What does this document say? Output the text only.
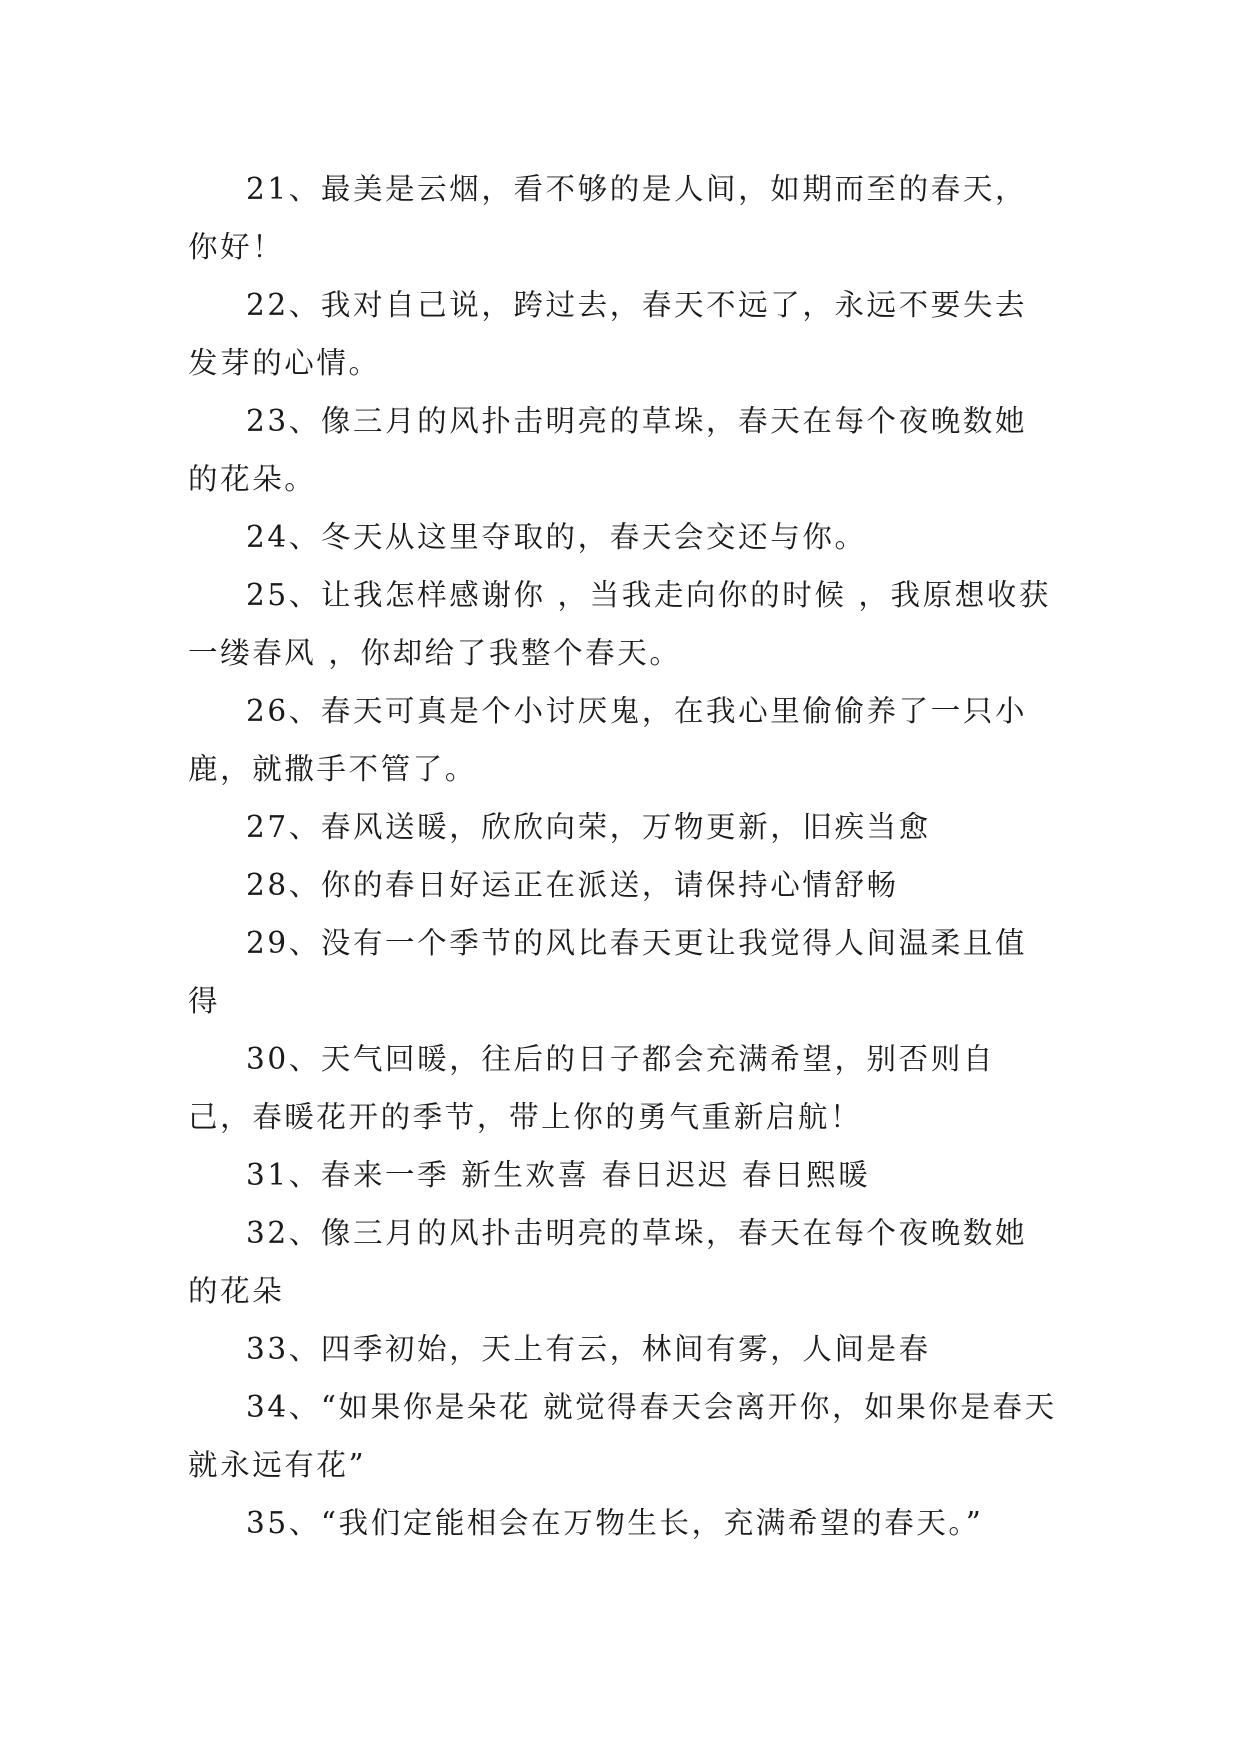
21、最美是云烟，看不够的是人间，如期而至的春天，你好！

22、我对自己说，跨过去，春天不远了，永远不要失去发芽的心情。

23、像三月的风扑击明亮的草垛，春天在每个夜晚数她的花朵。

24、冬天从这里夺取的，春天会交还与你。

25、让我怎样感谢你 ，当我走向你的时候 ，我原想收获一缕春风 ，你却给了我整个春天。

26、春天可真是个小讨厌鬼，在我心里偷偷养了一只小鹿，就撒手不管了。

27、春风送暖，欣欣向荣，万物更新，旧疾当愈

28、你的春日好运正在派送，请保持心情舒畅

29、没有一个季节的风比春天更让我觉得人间温柔且值得

30、天气回暖，往后的日子都会充满希望，别否则自己，春暖花开的季节，带上你的勇气重新启航！

31、春来一季 新生欢喜 春日迟迟 春日熙暖

32、像三月的风扑击明亮的草垛，春天在每个夜晚数她的花朵

33、四季初始，天上有云，林间有雾，人间是春

34、“如果你是朵花 就觉得春天会离开你，如果你是春天 就永远有花”

35、“我们定能相会在万物生长，充满希望的春天。”
